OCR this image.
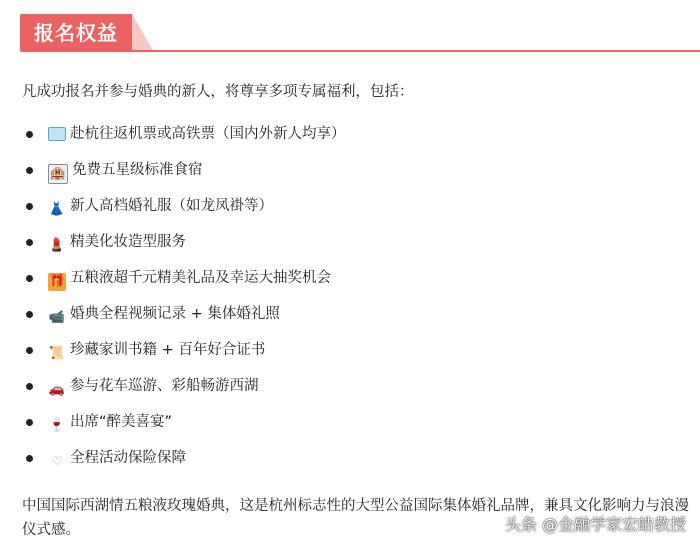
报名权益
凡成功报名并参与婚典的新人，将尊享多项专属福利，包括：
赴杭往返机票或高铁票（国内外新人均享）
🏨 免费五星级标准食宿
👗 新人高档婚礼服（如龙凤褂等）
💄 精美化妆造型服务
🎁 五粮液超千元精美礼品及幸运大抽奖机会
📹 婚典全程视频记录 + 集体婚礼照
📜 珍藏家训书籍 + 百年好合证书
🚗 参与花车巡游、彩船畅游西湖
🍷 出席“醉美喜宴”
♡ 全程活动保险保障
中国国际西湖情五粮液玫瑰婚典，这是杭州标志性的大型公益国际集体婚礼品牌，兼具文化影响力与浪漫仪式感。	头条 @金融学家宏皓教授
